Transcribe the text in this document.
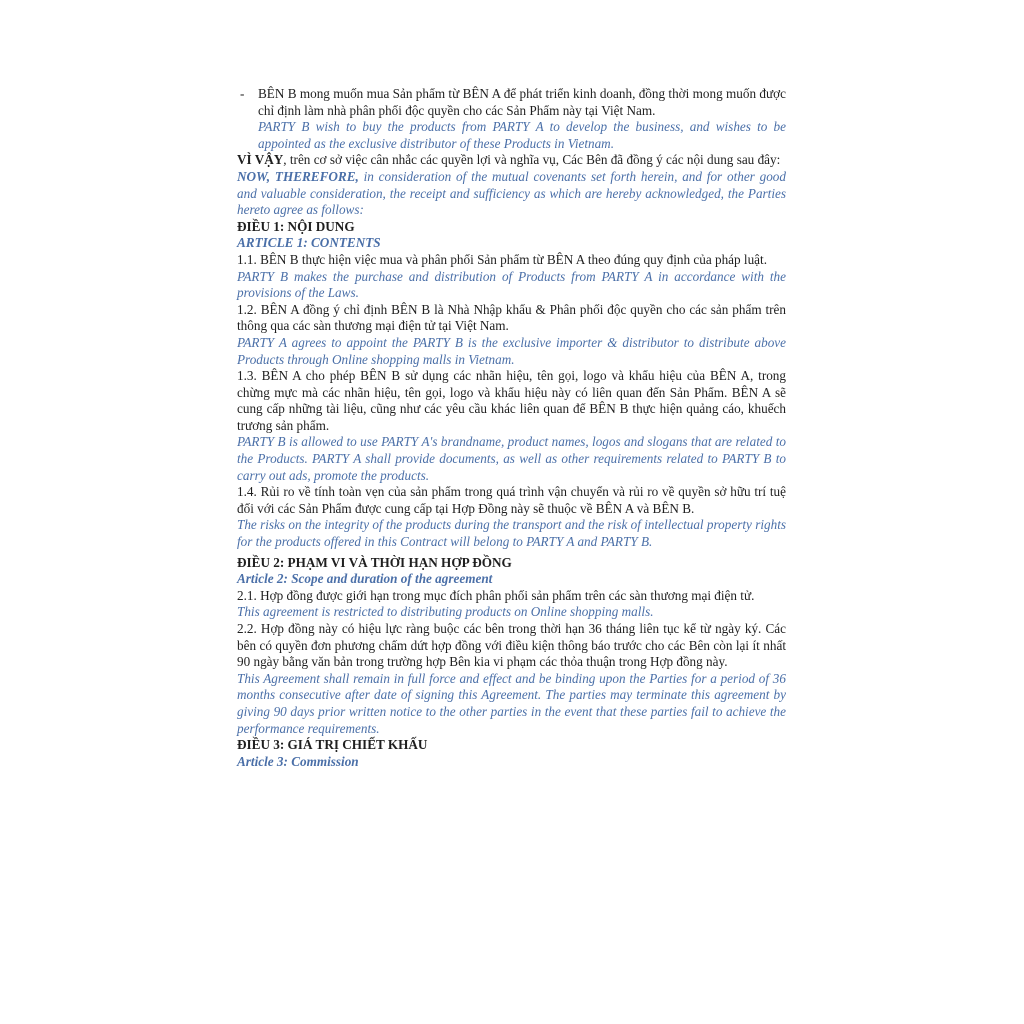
- BÊN B mong muốn mua Sản phẩm từ BÊN A để phát triển kinh doanh, đồng thời mong muốn được chỉ định làm nhà phân phối độc quyền cho các Sản Phẩm này tại Việt Nam.

PARTY B wish to buy the products from PARTY A to develop the business, and wishes to be appointed as the exclusive distributor of these Products in Vietnam.

VÌ VẬY, trên cơ sở việc cân nhắc các quyền lợi và nghĩa vụ, Các Bên đã đồng ý các nội dung sau đây:

NOW, THEREFORE, in consideration of the mutual covenants set forth herein, and for other good and valuable consideration, the receipt and sufficiency as which are hereby acknowledged, the Parties hereto agree as follows:

ĐIỀU 1: NỘI DUNG

ARTICLE 1: CONTENTS

1.1. BÊN B thực hiện việc mua và phân phối Sản phẩm từ BÊN A theo đúng quy định của pháp luật.

PARTY B makes the purchase and distribution of Products from PARTY A in accordance with the provisions of the Laws.

1.2. BÊN A đồng ý chỉ định BÊN B là Nhà Nhập khẩu & Phân phối độc quyền cho các sản phẩm trên thông qua các sàn thương mại điện tử tại Việt Nam.

PARTY A agrees to appoint the PARTY B is the exclusive importer & distributor to distribute above Products through Online shopping malls in Vietnam.

1.3. BÊN A cho phép BÊN B sử dụng các nhãn hiệu, tên gọi, logo và khẩu hiệu của BÊN A, trong chừng mực mà các nhãn hiệu, tên gọi, logo và khẩu hiệu này có liên quan đến Sản Phẩm. BÊN A sẽ cung cấp những tài liệu, cũng như các yêu cầu khác liên quan để BÊN B thực hiện quảng cáo, khuếch trương sản phẩm.

PARTY B is allowed to use PARTY A's brandname, product names, logos and slogans that are related to the Products. PARTY A shall provide documents, as well as other requirements related to PARTY B to carry out ads, promote the products.

1.4. Rủi ro về tính toàn vẹn của sản phẩm trong quá trình vận chuyển và rủi ro về quyền sở hữu trí tuệ đối với các Sản Phẩm được cung cấp tại Hợp Đồng này sẽ thuộc về BÊN A và BÊN B.

The risks on the integrity of the products during the transport and the risk of intellectual property rights for the products offered in this Contract will belong to PARTY A and PARTY B.

ĐIỀU 2: PHẠM VI VÀ THỜI HẠN HỢP ĐỒNG

Article 2: Scope and duration of the agreement

2.1. Hợp đồng được giới hạn trong mục đích phân phối sản phẩm trên các sàn thương mại điện tử.

This agreement is restricted to distributing products on Online shopping malls.

2.2. Hợp đồng này có hiệu lực ràng buộc các bên trong thời hạn 36 tháng liên tục kể từ ngày ký. Các bên có quyền đơn phương chấm dứt hợp đồng với điều kiện thông báo trước cho các Bên còn lại ít nhất 90 ngày bằng văn bản trong trường hợp Bên kia vi phạm các thỏa thuận trong Hợp đồng này.

This Agreement shall remain in full force and effect and be binding upon the Parties for a period of 36 months consecutive after date of signing this Agreement. The parties may terminate this agreement by giving 90 days prior written notice to the other parties in the event that these parties fail to achieve the performance requirements.

ĐIỀU 3: GIÁ TRỊ CHIẾT KHẤU

Article 3: Commission
